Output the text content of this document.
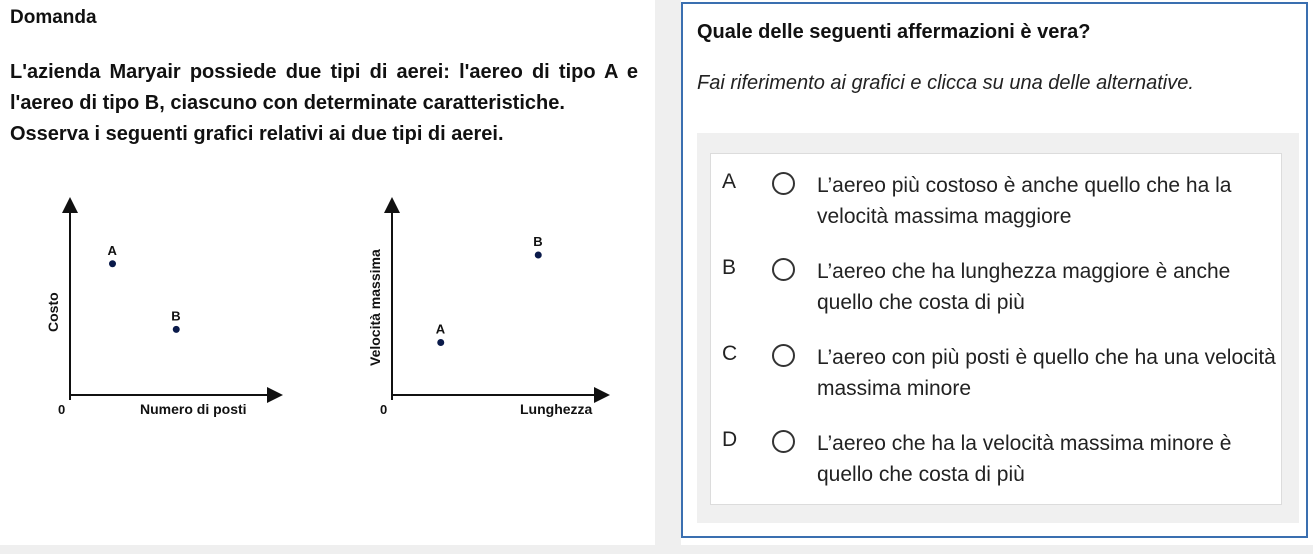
Domanda
L'azienda Maryair possiede due tipi di aerei: l'aereo di tipo A e l'aereo di tipo B, ciascuno con determinate caratteristiche.
Osserva i seguenti grafici relativi ai due tipi di aerei.
0	Numero di posti
Costo
A
B
0	Lunghezza
Velocità massima	A
B
Quale delle seguenti affermazioni è vera?
Fai riferimento ai grafici e clicca su una delle alternative.
A	L’aereo più costoso è anche quello che ha la velocità massima maggiore
B	L’aereo che ha lunghezza maggiore è anche quello che costa di più
C	L’aereo con più posti è quello che ha una velocità massima minore
D	L’aereo che ha la velocità massima minore è quello che costa di più
